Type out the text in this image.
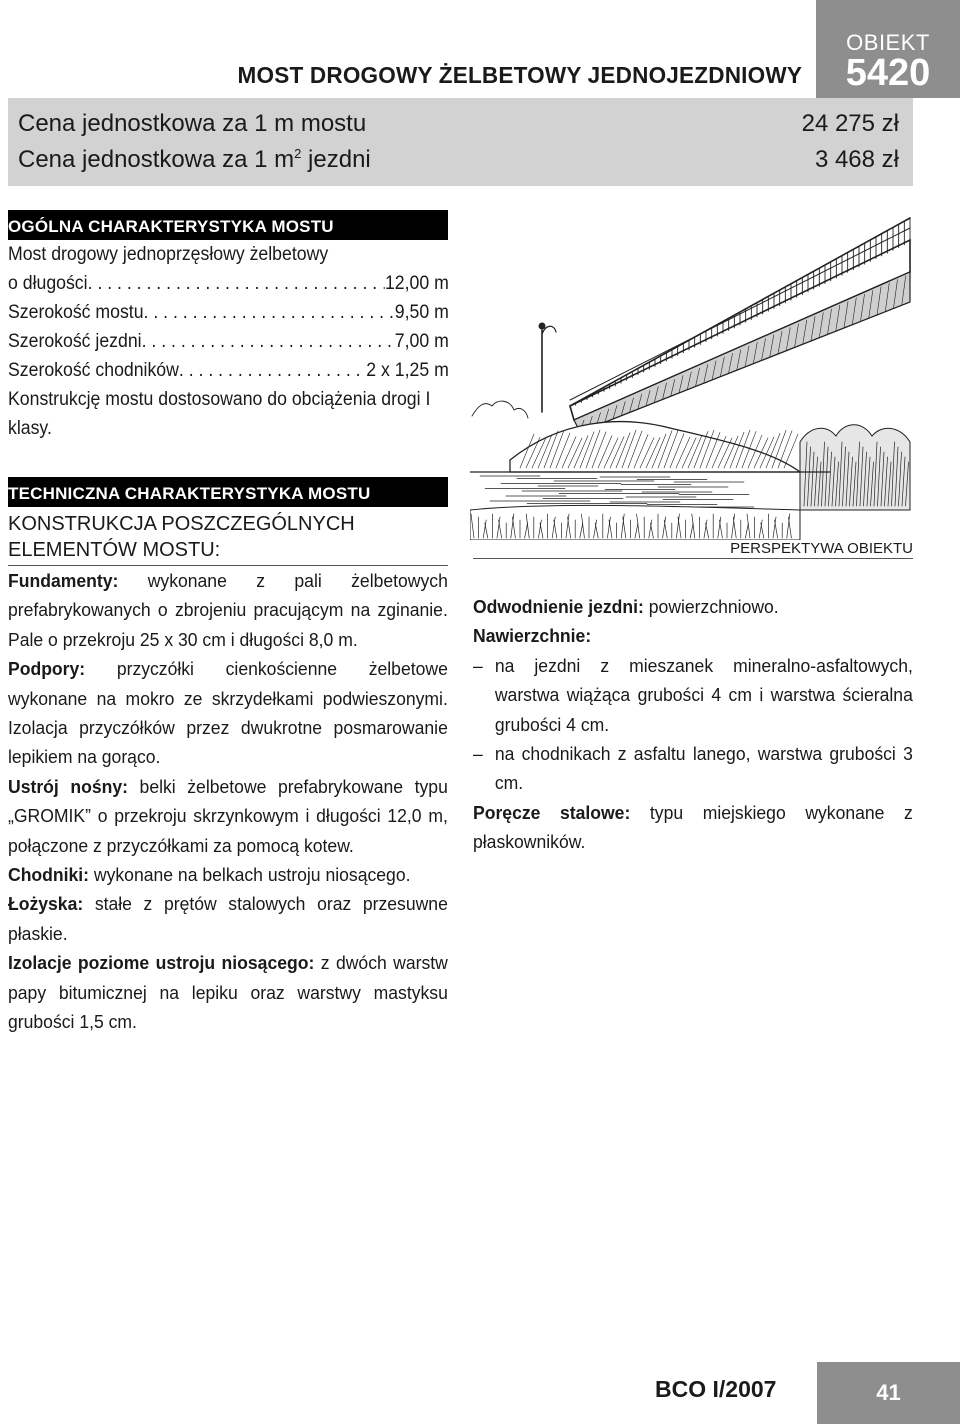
OBIEKT
5420
MOST DROGOWY ŻELBETOWY JEDNOJEZDNIOWY
Cena jednostkowa za 1 m mostu	24 275 zł
Cena jednostkowa za 1 $m^2$ jezdni	3 468 zł
OGÓLNA CHARAKTERYSTYKA MOSTU
Most drogowy jednoprzęsłowy żelbetowy
o długości . . .	12,00 m
Szerokość mostu . . .	9,50 m
Szerokość jezdni . . .	7,00 m
Szerokość chodników . . .	2 x 1,25 m
Konstrukcję mostu dostosowano do obciążenia drogi I klasy.
TECHNICZNA CHARAKTERYSTYKA MOSTU
KONSTRUKCJA POSZCZEGÓLNYCH ELEMENTÓW MOSTU:
Fundamenty: wykonane z pali żelbetowych prefabrykowanych o zbrojeniu pracującym na zginanie. Pale o przekroju 25 x 30 cm i długości 8,0 m.
Podpory: przyczółki cienkościenne żelbetowe wykonane na mokro ze skrzydełkami podwieszonymi. Izolacja przyczółków przez dwukrotne posmarowanie lepikiem na gorąco.
Ustrój nośny: belki żelbetowe prefabrykowane typu „GROMIK” o przekroju skrzynkowym i długości 12,0 m, połączone z przyczółkami za pomocą kotew.
Chodniki: wykonane na belkach ustroju niosącego.
Łożyska: stałe z prętów stalowych oraz przesuwne płaskie.
Izolacje poziome ustroju niosącego: z dwóch warstw papy bitumicznej na lepiku oraz warstwy mastyksu grubości 1,5 cm.
PERSPEKTYWA OBIEKTU
Odwodnienie jezdni: powierzchniowo.
Nawierzchnie:
– na jezdni z mieszanek mineralno-asfaltowych, warstwa wiążąca grubości 4 cm i warstwa ścieralna grubości 4 cm.
– na chodnikach z asfaltu lanego, warstwa grubości 3 cm.
Poręcze stalowe: typu miejskiego wykonane z płaskowników.
BCO I/2007	41
